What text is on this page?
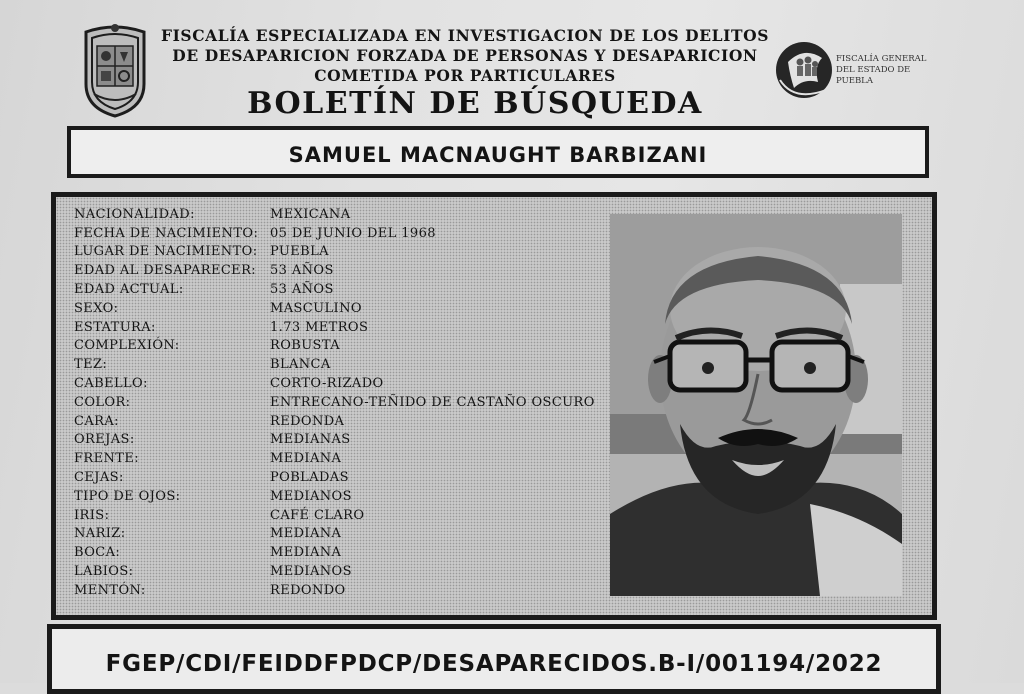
FISCALÍA ESPECIALIZADA EN INVESTIGACION DE LOS DELITOS
DE DESAPARICION FORZADA DE PERSONAS Y DESAPARICION
COMETIDA POR PARTICULARES
BOLETÍN DE BÚSQUEDA
FISCALÍA GENERAL
DEL ESTADO DE
PUEBLA
SAMUEL MACNAUGHT BARBIZANI
NACIONALIDAD:	MEXICANA
FECHA DE NACIMIENTO: 05 DE JUNIO DEL 1968
LUGAR DE NACIMIENTO: PUEBLA
EDAD AL DESAPARECER:	53 AÑOS
EDAD ACTUAL:	53 AÑOS
SEXO:	MASCULINO
ESTATURA:	1.73 METROS
COMPLEXIÓN:	ROBUSTA
TEZ:	BLANCA
CABELLO:	CORTO-RIZADO
COLOR:	ENTRECANO-TEÑIDO DE CASTAÑO OSCURO
CARA:	REDONDA
OREJAS:	MEDIANAS
FRENTE:	MEDIANA
CEJAS:	POBLADAS
TIPO DE OJOS:	MEDIANOS
IRIS:	CAFÉ CLARO
NARIZ:	MEDIANA
BOCA:	MEDIANA
LABIOS:	MEDIANOS
MENTÓN:	REDONDO
FGEP/CDI/FEIDDFPDCP/DESAPARECIDOS.B-I/001194/2022
